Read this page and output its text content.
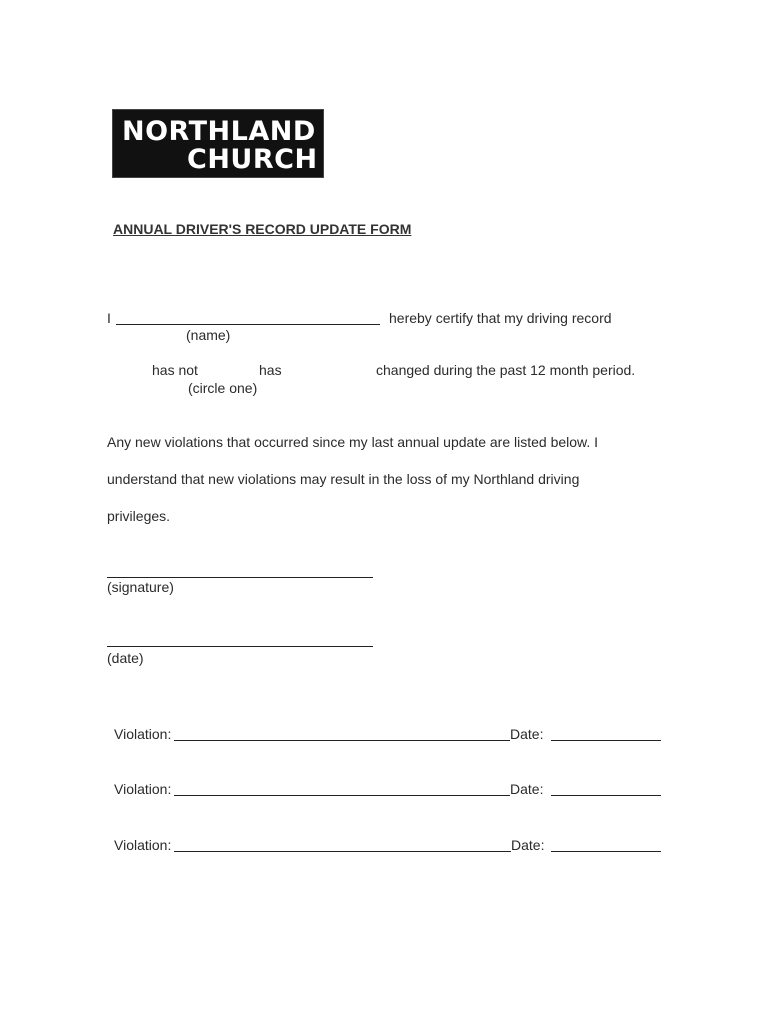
NORTHLAND
CHURCH
ANNUAL DRIVER'S RECORD UPDATE FORM
I	hereby certify that my driving record
(name)
has not	has	changed during the past 12 month period.
(circle one)
Any new violations that occurred since my last annual update are listed below. I
understand that new violations may result in the loss of my Northland driving
privileges.
(signature)
(date)
Violation:	Date:
Violation:	Date:
Violation:	Date:
